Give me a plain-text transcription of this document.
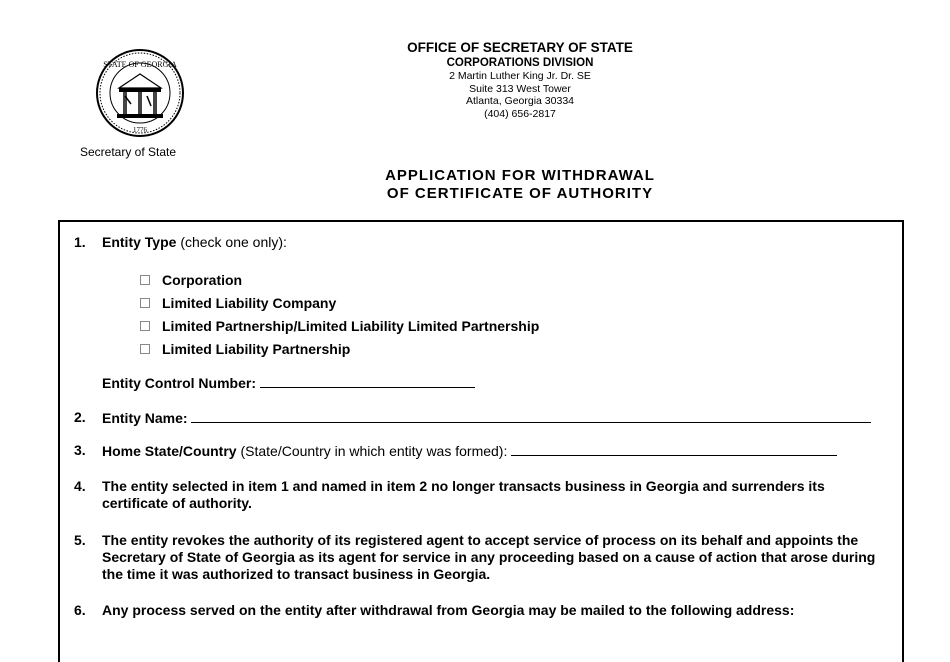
STATE OF GEORGIA
1776
Secretary of State
OFFICE OF SECRETARY OF STATE
CORPORATIONS DIVISION
2 Martin Luther King Jr. Dr. SE
Suite 313 West Tower
Atlanta, Georgia 30334
(404) 656-2817
APPLICATION FOR WITHDRAWAL
OF CERTIFICATE OF AUTHORITY
1. Entity Type (check one only):
Corporation
Limited Liability Company
Limited Partnership/Limited Liability Limited Partnership
Limited Liability Partnership
Entity Control Number:
2. Entity Name:
3. Home State/Country (State/Country in which entity was formed):
4. The entity selected in item 1 and named in item 2 no longer transacts business in Georgia and surrenders its certificate of authority.
5. The entity revokes the authority of its registered agent to accept service of process on its behalf and appoints the Secretary of State of Georgia as its agent for service in any proceeding based on a cause of action that arose during the time it was authorized to transact business in Georgia.
6. Any process served on the entity after withdrawal from Georgia may be mailed to the following address:
